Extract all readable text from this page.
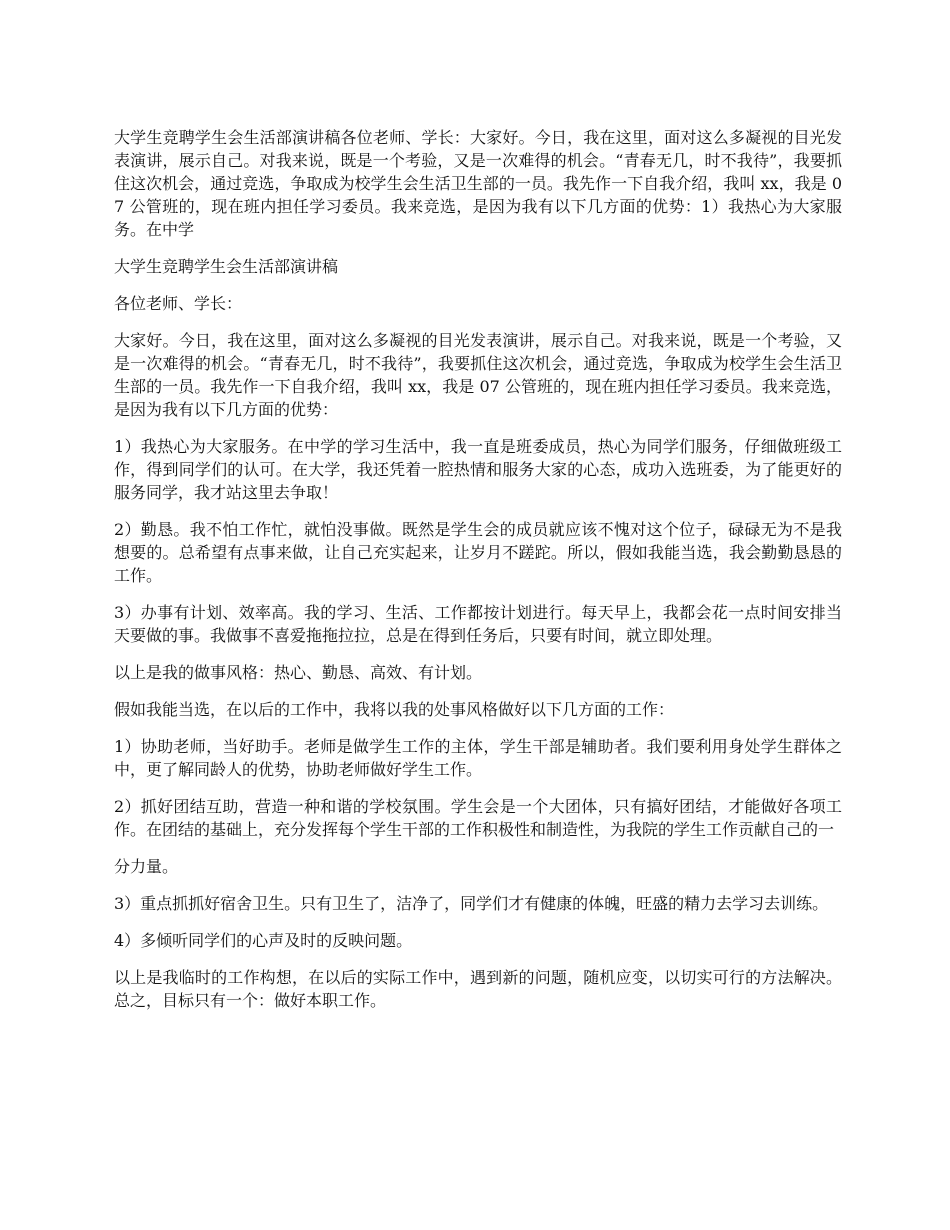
大学生竞聘学生会生活部演讲稿各位老师、学长：大家好。今日，我在这里，面对这么多凝视的目光发表演讲，展示自己。对我来说，既是一个考验，又是一次难得的机会。“青春无几，时不我待”，我要抓住这次机会，通过竞选，争取成为校学生会生活卫生部的一员。我先作一下自我介绍，我叫 xx，我是 07 公管班的，现在班内担任学习委员。我来竞选，是因为我有以下几方面的优势：1）我热心为大家服务。在中学

大学生竞聘学生会生活部演讲稿

各位老师、学长：

大家好。今日，我在这里，面对这么多凝视的目光发表演讲，展示自己。对我来说，既是一个考验，又是一次难得的机会。“青春无几，时不我待”，我要抓住这次机会，通过竞选，争取成为校学生会生活卫生部的一员。我先作一下自我介绍，我叫 xx，我是 07 公管班的，现在班内担任学习委员。我来竞选，是因为我有以下几方面的优势：

1）我热心为大家服务。在中学的学习生活中，我一直是班委成员，热心为同学们服务，仔细做班级工作，得到同学们的认可。在大学，我还凭着一腔热情和服务大家的心态，成功入选班委，为了能更好的服务同学，我才站这里去争取！

2）勤恳。我不怕工作忙，就怕没事做。既然是学生会的成员就应该不愧对这个位子，碌碌无为不是我想要的。总希望有点事来做，让自己充实起来，让岁月不蹉跎。所以，假如我能当选，我会勤勤恳恳的工作。

3）办事有计划、效率高。我的学习、生活、工作都按计划进行。每天早上，我都会花一点时间安排当天要做的事。我做事不喜爱拖拖拉拉，总是在得到任务后，只要有时间，就立即处理。

以上是我的做事风格：热心、勤恳、高效、有计划。

假如我能当选，在以后的工作中，我将以我的处事风格做好以下几方面的工作：

1）协助老师，当好助手。老师是做学生工作的主体，学生干部是辅助者。我们要利用身处学生群体之中，更了解同龄人的优势，协助老师做好学生工作。

2）抓好团结互助，营造一种和谐的学校氛围。学生会是一个大团体，只有搞好团结，才能做好各项工作。在团结的基础上，充分发挥每个学生干部的工作积极性和制造性，为我院的学生工作贡献自己的一

分力量。

3）重点抓抓好宿舍卫生。只有卫生了，洁净了，同学们才有健康的体魄，旺盛的精力去学习去训练。

4）多倾听同学们的心声及时的反映问题。

以上是我临时的工作构想，在以后的实际工作中，遇到新的问题，随机应变，以切实可行的方法解决。总之，目标只有一个：做好本职工作。
